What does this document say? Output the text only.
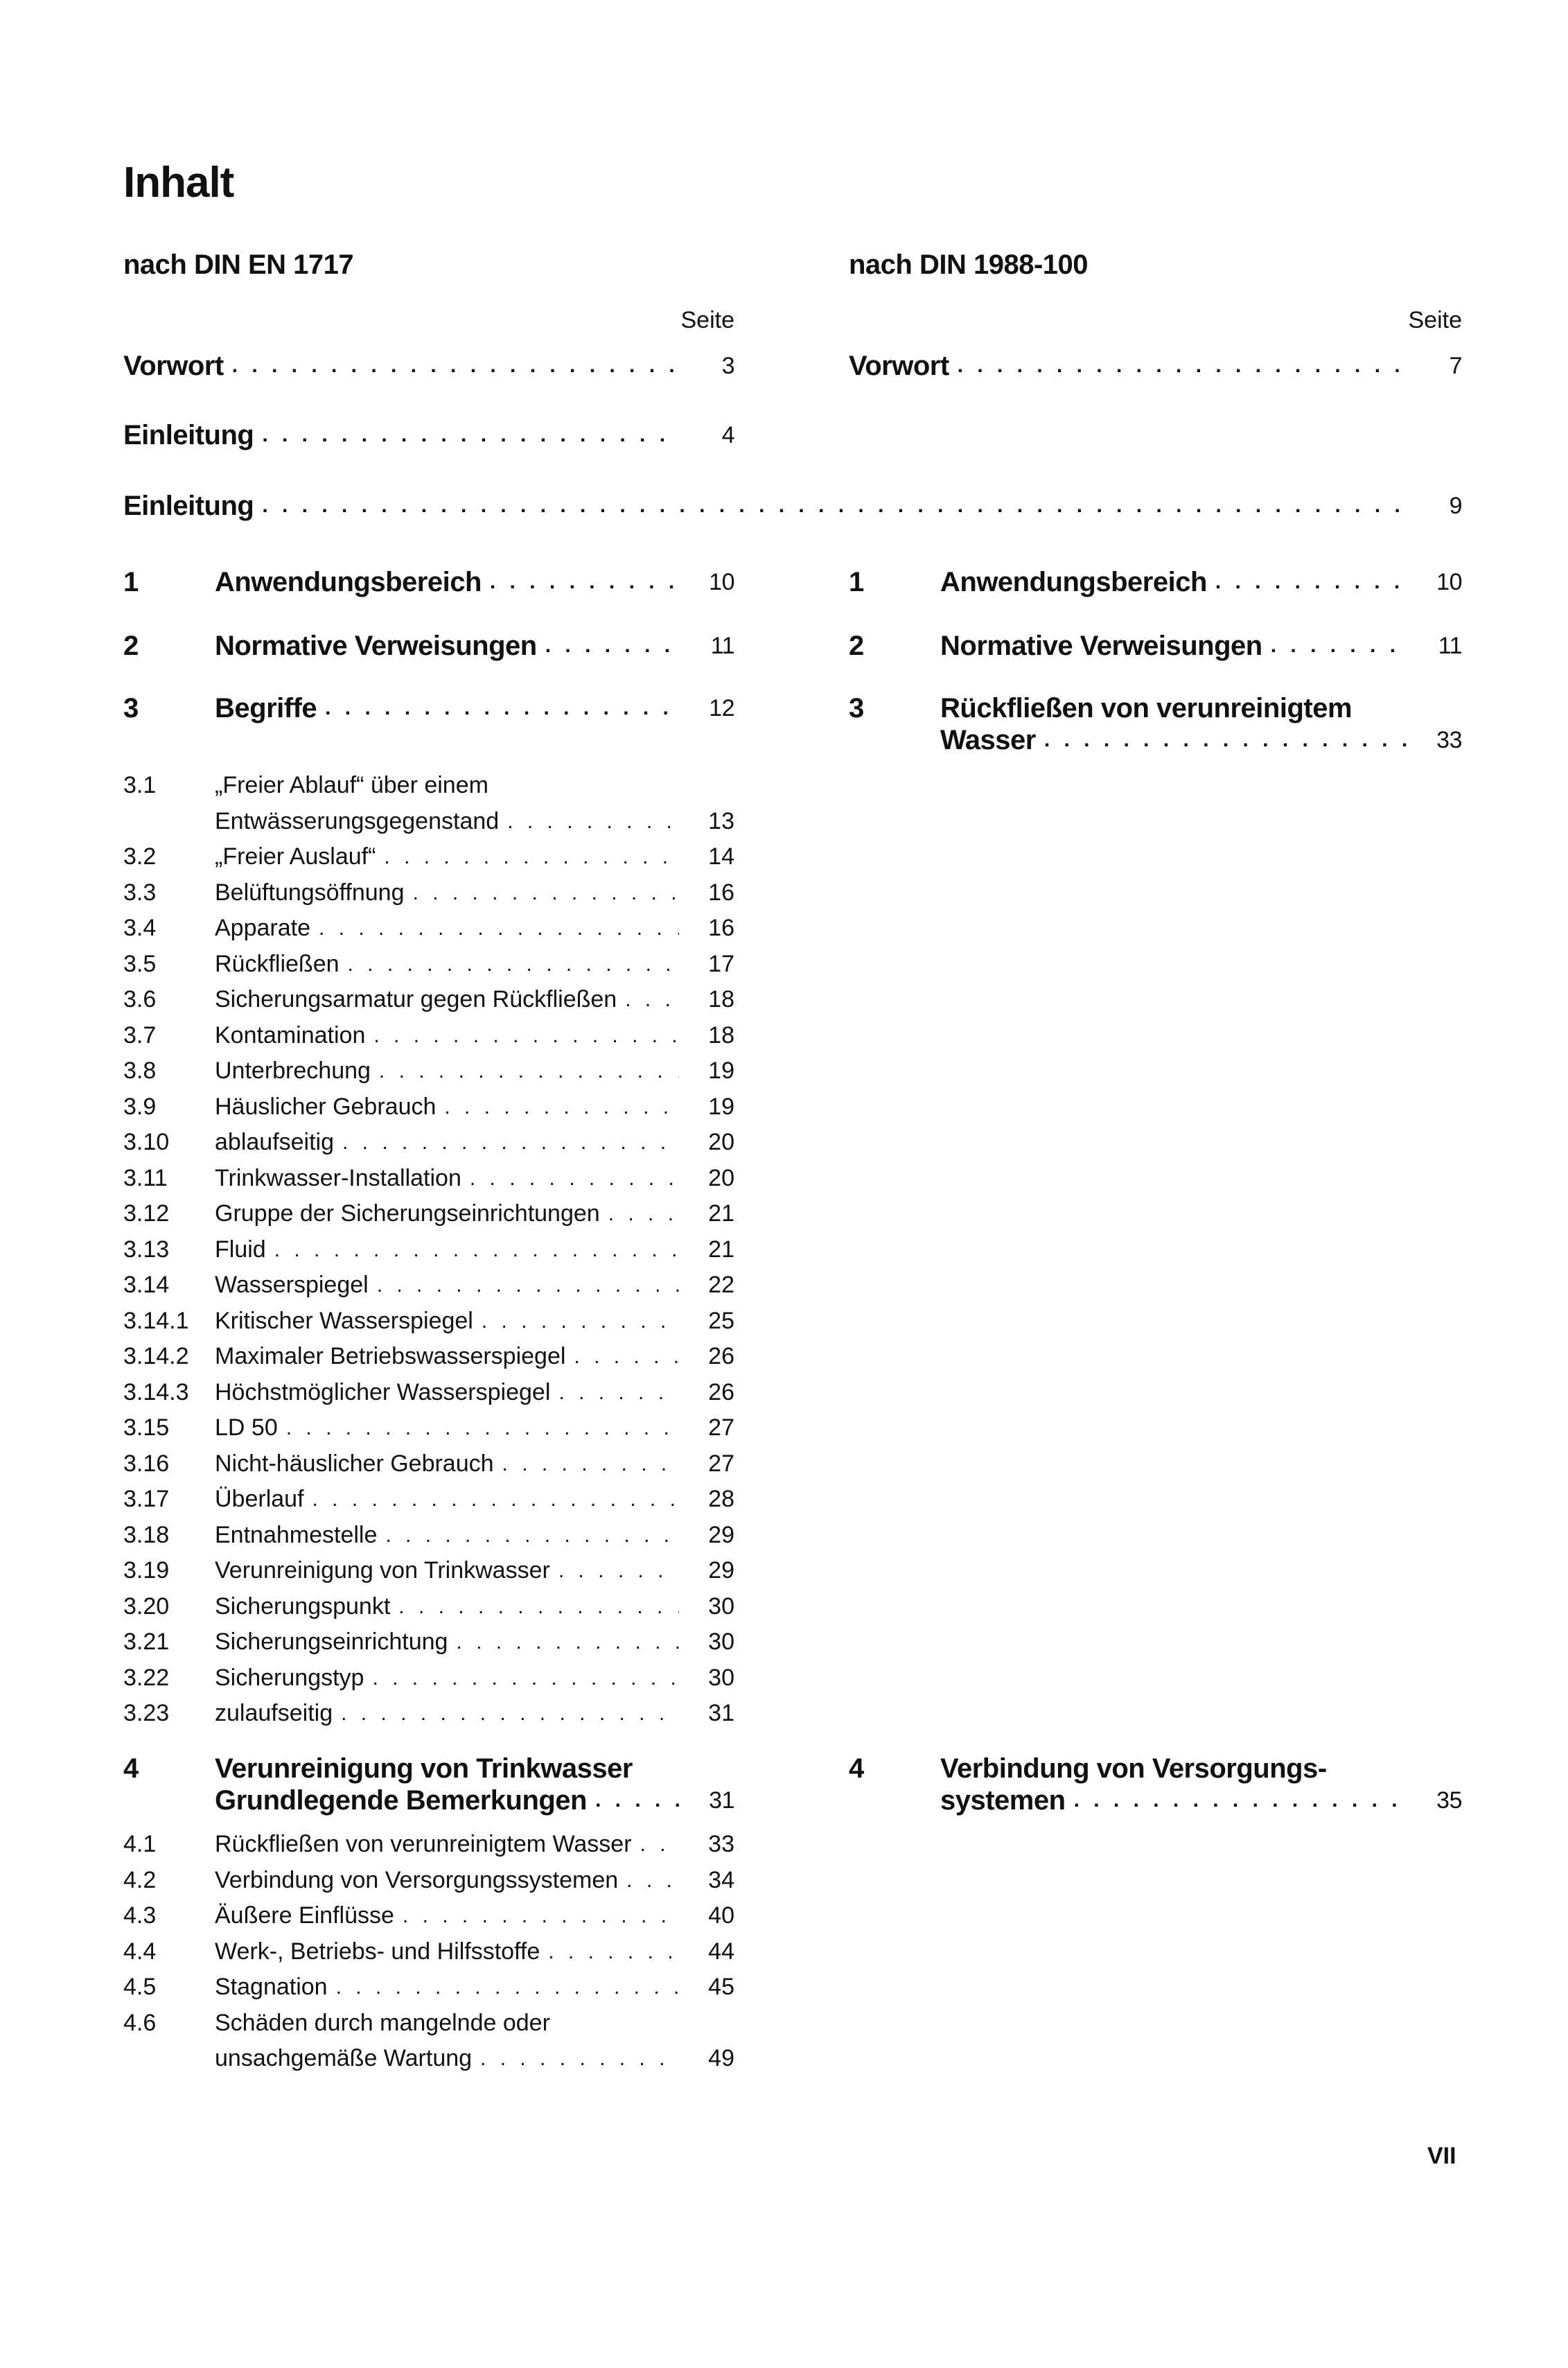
Inhalt
nach DIN EN 1717	nach DIN 1988-100
Seite	Seite
Vorwort . . .	3
Einleitung . . .	4
Vorwort . . .	7
Einleitung . . .	9
1	Anwendungsbereich . . .	10
2	Normative Verweisungen . . .	11
3	Begriffe . . .	12
1	Anwendungsbereich . . .	10
2	Normative Verweisungen . . .	11
3	Rückfließen von verunreinigtem
Wasser . . .	33
4	Verbindung von Versorgungs-
systemen . . .	35
3.1	„Freier Ablauf“ über einem
Entwässerungsgegenstand . . .	13
3.2	„Freier Auslauf“ . . .	14
3.3	Belüftungsöffnung . . .	16
3.4	Apparate . . .	16
3.5	Rückfließen . . .	17
3.6	Sicherungsarmatur gegen Rückfließen . . .	18
3.7	Kontamination . . .	18
3.8	Unterbrechung . . .	19
3.9	Häuslicher Gebrauch . . .	19
3.10	ablaufseitig . . .	20
3.11	Trinkwasser-Installation . . .	20
3.12	Gruppe der Sicherungseinrichtungen . . .	21
3.13	Fluid . . .	21
3.14	Wasserspiegel . . .	22
3.14.1	Kritischer Wasserspiegel . . .	25
3.14.2	Maximaler Betriebswasserspiegel . . .	26
3.14.3	Höchstmöglicher Wasserspiegel . . .	26
3.15	LD 50 . . .	27
3.16	Nicht-häuslicher Gebrauch . . .	27
3.17	Überlauf . . .	28
3.18	Entnahmestelle . . .	29
3.19	Verunreinigung von Trinkwasser . . .	29
3.20	Sicherungspunkt . . .	30
3.21	Sicherungseinrichtung . . .	30
3.22	Sicherungstyp . . .	30
3.23	zulaufseitig . . .	31
4	Verunreinigung von Trinkwasser
Grundlegende Bemerkungen . . .	31
4.1	Rückfließen von verunreinigtem Wasser . . .	33
4.2	Verbindung von Versorgungssystemen . . .	34
4.3	Äußere Einflüsse . . .	40
4.4	Werk-, Betriebs- und Hilfsstoffe . . .	44
4.5	Stagnation . . .	45
4.6	Schäden durch mangelnde oder
unsachgemäße Wartung . . .	49
VII
